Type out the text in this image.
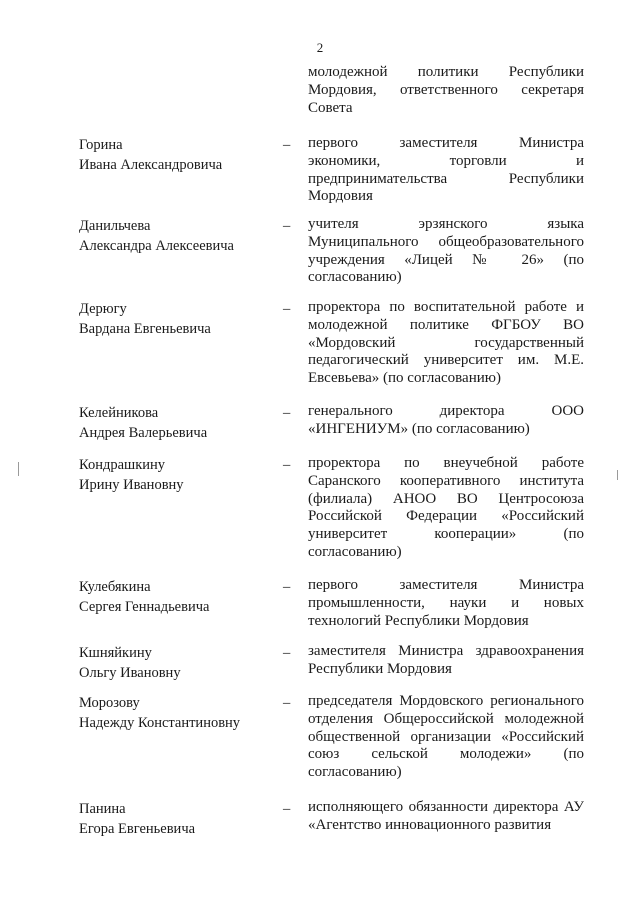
2
молодежной политики Республики Мордовия, ответственного секретаря Совета
Горина
Ивана Александровича
– первого заместителя Министра экономики, торговли и предпринимательства Республики Мордовия
Данильчева
Александра Алексеевича
– учителя эрзянского языка Муниципального общеобразовательного учреждения «Лицей № 26» (по согласованию)
Дерюгу
Вардана Евгеньевича
– проректора по воспитательной работе и молодежной политике ФГБОУ ВО «Мордовский государственный педагогический университет им. М.Е. Евсевьева» (по согласованию)
Келейникова
Андрея Валерьевича
– генерального директора ООО «ИНГЕНИУМ» (по согласованию)
Кондрашкину
Ирину Ивановну
– проректора по внеучебной работе Саранского кооперативного института (филиала) АНОО ВО Центросоюза Российской Федерации «Российский университет кооперации» (по согласованию)
Кулебякина
Сергея Геннадьевича
– первого заместителя Министра промышленности, науки и новых технологий Республики Мордовия
Кшняйкину
Ольгу Ивановну
– заместителя Министра здравоохранения Республики Мордовия
Морозову
Надежду Константиновну
– председателя Мордовского регионального отделения Общероссийской молодежной общественной организации «Российский союз сельской молодежи» (по согласованию)
Панина
Егора Евгеньевича
– исполняющего обязанности директора АУ «Агентство инновационного развития
